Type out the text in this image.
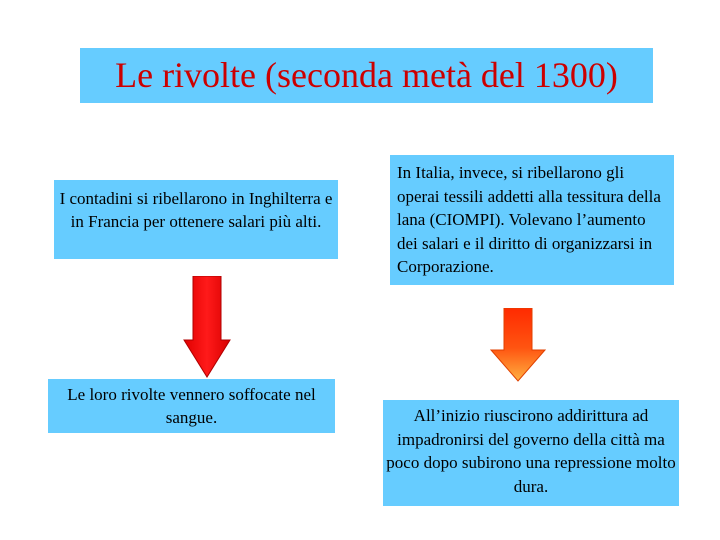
Le rivolte (seconda metà del 1300)
I contadini si ribellarono in Inghilterra e in Francia per ottenere salari più alti.
In Italia, invece, si ribellarono gli operai tessili addetti alla tessitura della lana (CIOMPI). Volevano l’aumento dei salari e il diritto di organizzarsi in Corporazione.
Le loro rivolte vennero soffocate nel sangue.	All’inizio riuscirono addirittura ad impadronirsi del governo della città ma poco dopo subirono una repressione molto dura.
